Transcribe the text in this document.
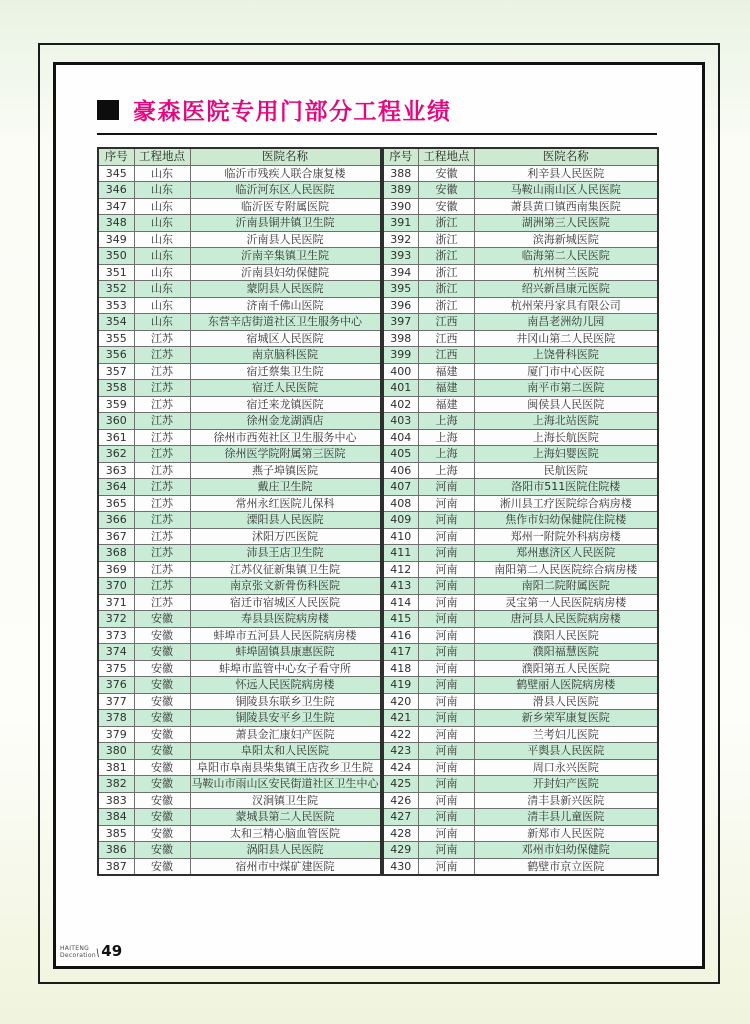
豪森医院专用门部分工程业绩
序号	工程地点	医院名称
345	山东	临沂市残疾人联合康复楼
346	山东	临沂河东区人民医院
347	山东	临沂医专附属医院
348	山东	沂南县铜井镇卫生院
349	山东	沂南县人民医院
350	山东	沂南辛集镇卫生院
351	山东	沂南县妇幼保健院
352	山东	蒙阴县人民医院
353	山东	济南千佛山医院
354	山东	东营辛店街道社区卫生服务中心
355	江苏	宿城区人民医院
356	江苏	南京脑科医院
357	江苏	宿迁蔡集卫生院
358	江苏	宿迁人民医院
359	江苏	宿迁来龙镇医院
360	江苏	徐州金龙湖酒店
361	江苏	徐州市西苑社区卫生服务中心
362	江苏	徐州医学院附属第三医院
363	江苏	燕子埠镇医院
364	江苏	戴庄卫生院
365	江苏	常州永红医院儿保科
366	江苏	溧阳县人民医院
367	江苏	沭阳万匹医院
368	江苏	沛县王店卫生院
369	江苏	江苏仪征新集镇卫生院
370	江苏	南京张文新骨伤科医院
371	江苏	宿迁市宿城区人民医院
372	安徽	寿县县医院病房楼
373	安徽	蚌埠市五河县人民医院病房楼
374	安徽	蚌埠固镇县康惠医院
375	安徽	蚌埠市监管中心女子看守所
376	安徽	怀远人民医院病房楼
377	安徽	铜陵县东联乡卫生院
378	安徽	铜陵县安平乡卫生院
379	安徽	萧县金汇康妇产医院
380	安徽	阜阳太和人民医院
381	安徽	阜阳市阜南县柴集镇王店孜乡卫生院
382	安徽	马鞍山市雨山区安民街道社区卫生中心
383	安徽	汊涧镇卫生院
384	安徽	蒙城县第二人民医院
385	安徽	太和三精心脑血管医院
386	安徽	涡阳县人民医院
387	安徽	宿州市中煤矿建医院
序号	工程地点	医院名称
388	安徽	利辛县人民医院
389	安徽	马鞍山雨山区人民医院
390	安徽	萧县黄口镇西南集医院
391	浙江	湖洲第三人民医院
392	浙江	滨海新城医院
393	浙江	临海第二人民医院
394	浙江	杭州树兰医院
395	浙江	绍兴新昌康元医院
396	浙江	杭州荣丹家具有限公司
397	江西	南昌老洲幼儿园
398	江西	井冈山第二人民医院
399	江西	上饶骨科医院
400	福建	厦门市中心医院
401	福建	南平市第二医院
402	福建	闽侯县人民医院
403	上海	上海北站医院
404	上海	上海长航医院
405	上海	上海妇婴医院
406	上海	民航医院
407	河南	洛阳市511医院住院楼
408	河南	淅川县工疗医院综合病房楼
409	河南	焦作市妇幼保健院住院楼
410	河南	郑州一附院外科病房楼
411	河南	郑州惠济区人民医院
412	河南	南阳第二人民医院综合病房楼
413	河南	南阳二院附属医院
414	河南	灵宝第一人民医院病房楼
415	河南	唐河县人民医院病房楼
416	河南	濮阳人民医院
417	河南	濮阳福慧医院
418	河南	濮阳第五人民医院
419	河南	鹤壁丽人医院病房楼
420	河南	滑县人民医院
421	河南	新乡荣军康复医院
422	河南	兰考妇儿医院
423	河南	平舆县人民医院
424	河南	周口永兴医院
425	河南	开封妇产医院
426	河南	清丰县新兴医院
427	河南	清丰县儿童医院
428	河南	新郑市人民医院
429	河南	邓州市妇幼保健院
430	河南	鹤壁市京立医院
HAITENG
Decoration \ 49
